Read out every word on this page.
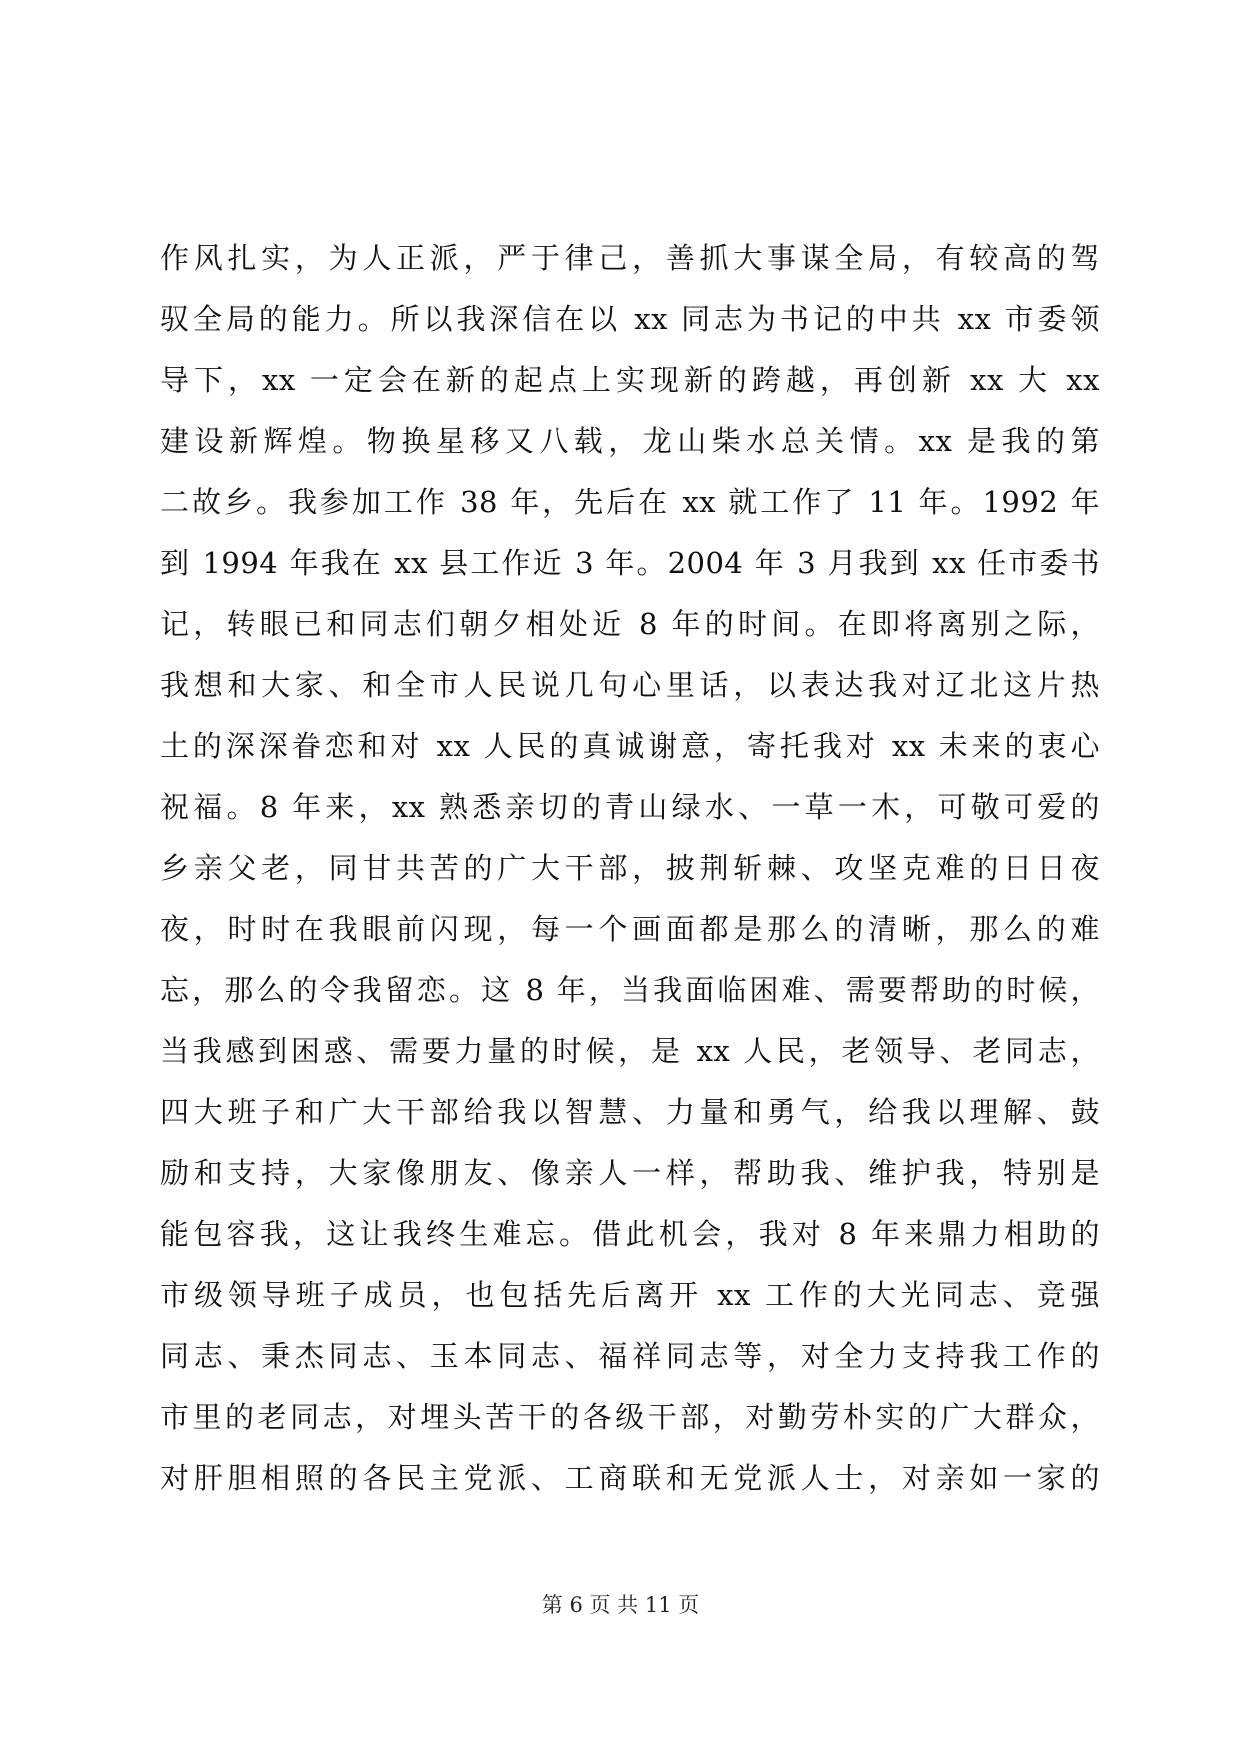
作风扎实，为人正派，严于律己，善抓大事谋全局，有较高的驾
驭全局的能力。所以我深信在以 xx 同志为书记的中共 xx 市委领
导下，xx 一定会在新的起点上实现新的跨越，再创新 xx 大 xx
建设新辉煌。物换星移又八载，龙山柴水总关情。xx 是我的第
二故乡。我参加工作 38 年，先后在 xx 就工作了 11 年。1992 年
到 1994 年我在 xx 县工作近 3 年。2004 年 3 月我到 xx 任市委书
记，转眼已和同志们朝夕相处近 8 年的时间。在即将离别之际，
我想和大家、和全市人民说几句心里话，以表达我对辽北这片热
土的深深眷恋和对 xx 人民的真诚谢意，寄托我对 xx 未来的衷心
祝福。8 年来，xx 熟悉亲切的青山绿水、一草一木，可敬可爱的
乡亲父老，同甘共苦的广大干部，披荆斩棘、攻坚克难的日日夜
夜，时时在我眼前闪现，每一个画面都是那么的清晰，那么的难
忘，那么的令我留恋。这 8 年，当我面临困难、需要帮助的时候，
当我感到困惑、需要力量的时候，是 xx 人民，老领导、老同志，
四大班子和广大干部给我以智慧、力量和勇气，给我以理解、鼓
励和支持，大家像朋友、像亲人一样，帮助我、维护我，特别是
能包容我，这让我终生难忘。借此机会，我对 8 年来鼎力相助的
市级领导班子成员，也包括先后离开 xx 工作的大光同志、竞强
同志、秉杰同志、玉本同志、福祥同志等，对全力支持我工作的
市里的老同志，对埋头苦干的各级干部，对勤劳朴实的广大群众，
对肝胆相照的各民主党派、工商联和无党派人士，对亲如一家的
第 6 页 共 11 页
